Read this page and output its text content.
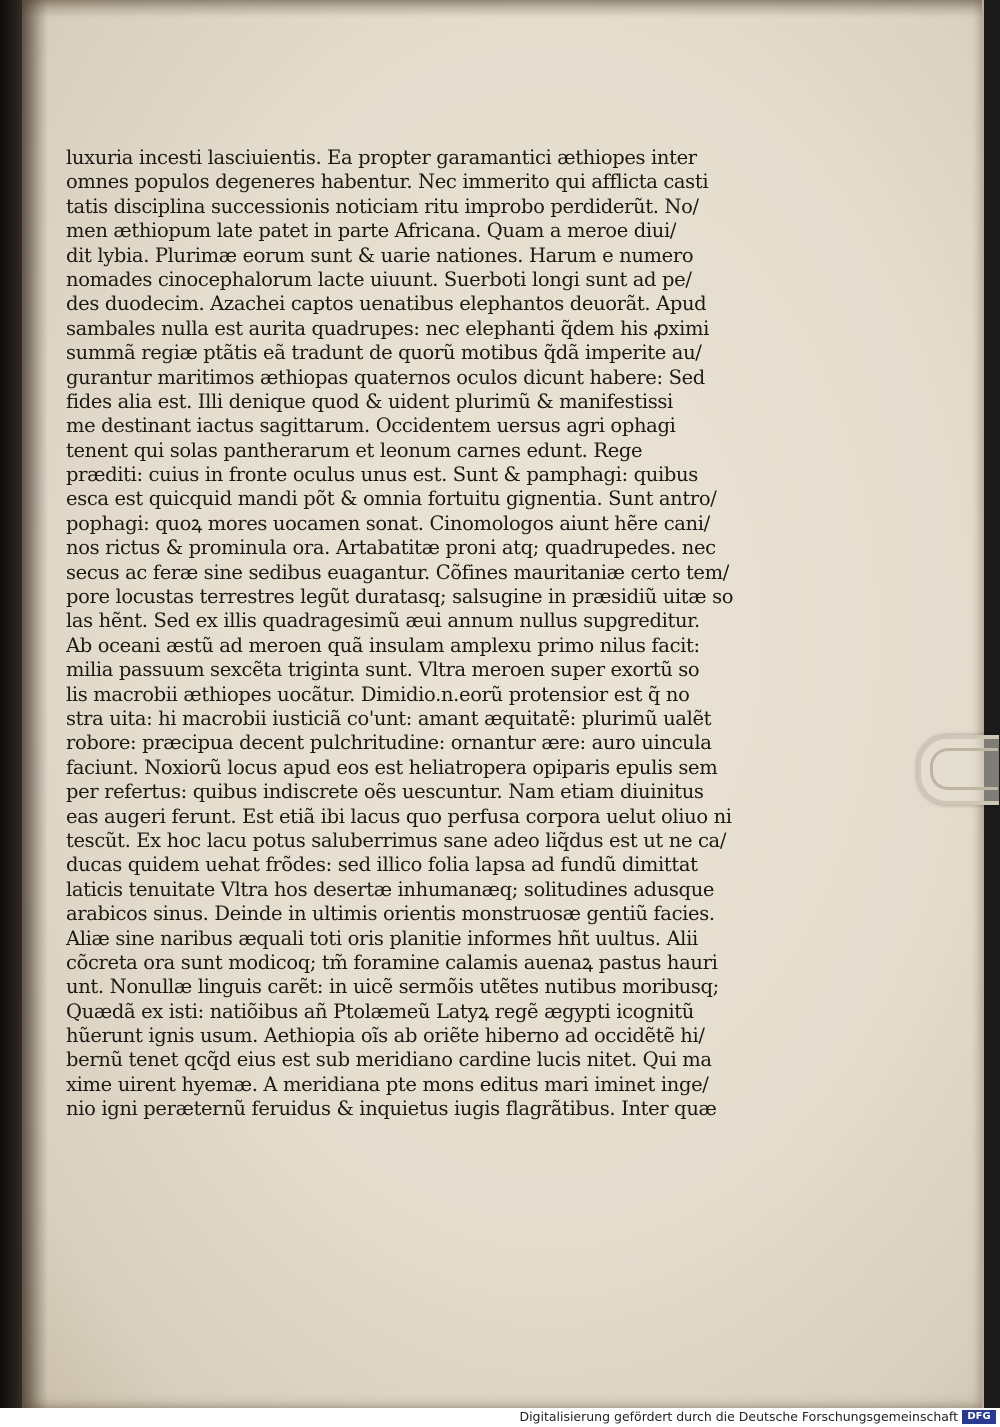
luxuria incesti lasciuientis. Ea propter garamantici æthiopes inter
omnes populos degeneres habentur. Nec immerito qui afflicta casti
tatis disciplina successionis noticiam ritu improbo perdiderũt. No/
men æthiopum late patet in parte Africana. Quam a meroe diui/
dit lybia. Plurimæ eorum sunt & uarie nationes. Harum e numero
nomades cinocephalorum lacte uiuunt. Suerboti longi sunt ad pe/
des duodecim. Azachei captos uenatibus elephantos deuorãt. Apud
sambales nulla est aurita quadrupes: nec elephanti q̃dem his ꝓximi
summã regiæ ptãtis eã tradunt de quorũ motibus q̃dã imperite au/
gurantur maritimos æthiopas quaternos oculos dicunt habere: Sed
fides alia est. Illi denique quod & uident plurimũ & manifestissi
me destinant iactus sagittarum. Occidentem uersus agri ophagi
tenent qui solas pantherarum et leonum carnes edunt. Rege
præditi: cuius in fronte oculus unus est. Sunt & pamphagi: quibus
esca est quicquid mandi põt & omnia fortuitu gignentia. Sunt antro/
pophagi: quoꝝ mores uocamen sonat. Cinomologos aiunt hẽre cani/
nos rictus & prominula ora. Artabatitæ proni atq; quadrupedes. nec
secus ac feræ sine sedibus euagantur. Cõfines mauritaniæ certo tem/
pore locustas terrestres legũt duratasq; salsugine in præsidiũ uitæ so
las hẽnt. Sed ex illis quadragesimũ æui annum nullus supgreditur.
Ab oceani æstũ ad meroen quã insulam amplexu primo nilus facit:
milia passuum sexcẽta triginta sunt. Vltra meroen super exortũ so
lis macrobii æthiopes uocãtur. Dimidio.n.eorũ protensior est q̃ no
stra uita: hi macrobii iusticiã co'unt: amant æquitatẽ: plurimũ ualẽt
robore: præcipua decent pulchritudine: ornantur ære: auro uincula
faciunt. Noxiorũ locus apud eos est heliatropera opiparis epulis sem
per refertus: quibus indiscrete oẽs uescuntur. Nam etiam diuinitus
eas augeri ferunt. Est etiã ibi lacus quo perfusa corpora uelut oliuo ni
tescũt. Ex hoc lacu potus saluberrimus sane adeo liq̃dus est ut ne ca/
ducas quidem uehat frõdes: sed illico folia lapsa ad fundũ dimittat
laticis tenuitate Vltra hos desertæ inhumanæq; solitudines adusque
arabicos sinus. Deinde in ultimis orientis monstruosæ gentiũ facies.
Aliæ sine naribus æquali toti oris planitie informes hñt uultus. Alii
cõcreta ora sunt modicoq; tm̃ foramine calamis auenaꝝ pastus hauri
unt. Nonullæ linguis carẽt: in uicẽ sermõis utẽtes nutibus moribusq;
Quædã ex isti: natiõibus añ Ptolæmeũ Latyꝝ regẽ ægypti icognitũ
hũerunt ignis usum. Aethiopia oĩs ab oriẽte hiberno ad occidẽtẽ hi/
bernũ tenet qcq̃d eius est sub meridiano cardine lucis nitet. Qui ma
xime uirent hyemæ. A meridiana pte mons editus mari iminet inge/
nio igni peræternũ feruidus & inquietus iugis flagrãtibus. Inter quæ
Digitalisierung gefördert durch die Deutsche Forschungsgemeinschaft DFG
